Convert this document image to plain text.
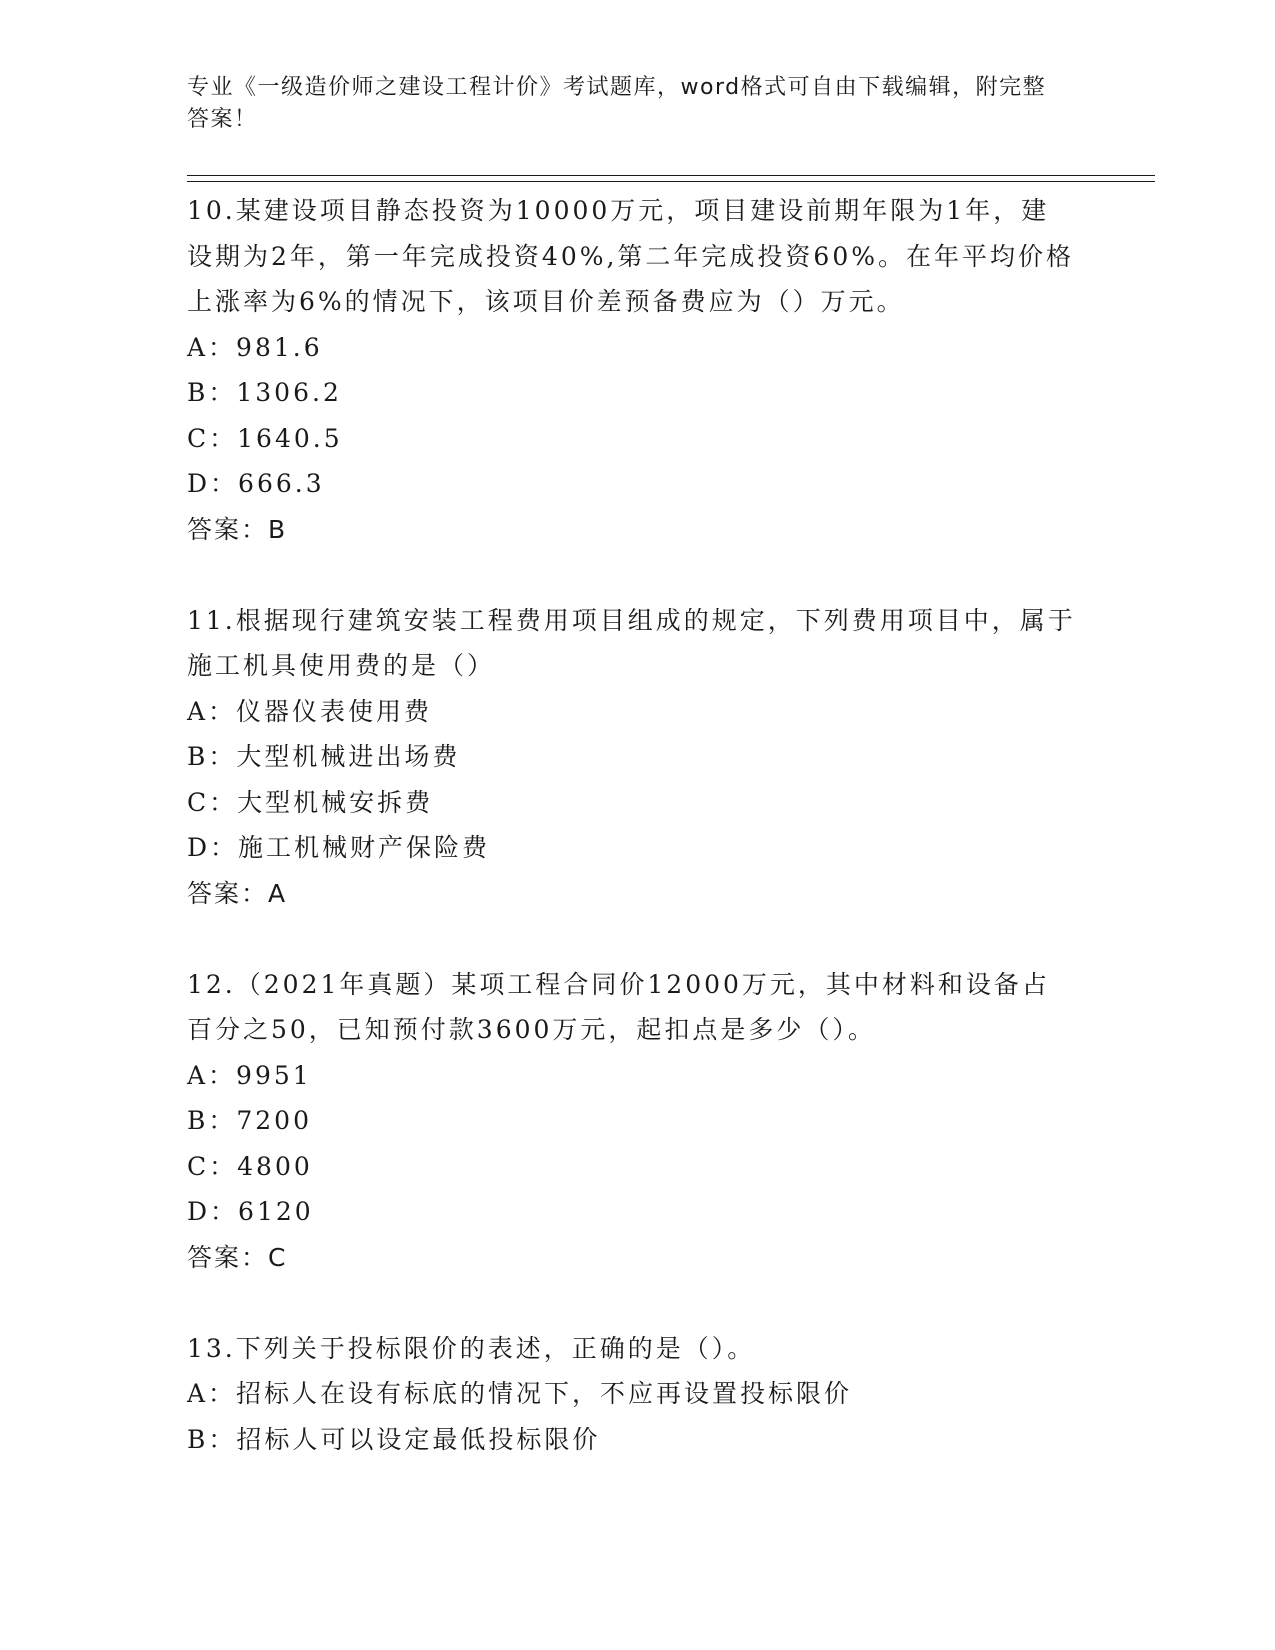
专业《一级造价师之建设工程计价》考试题库，word格式可自由下载编辑，附完整答案！

10.某建设项目静态投资为10000万元，项目建设前期年限为1年，建设期为2年，第一年完成投资40%,第二年完成投资60%。在年平均价格上涨率为6%的情况下，该项目价差预备费应为（）万元。

A：981.6

B：1306.2

C：1640.5

D：666.3

答案：B

11.根据现行建筑安装工程费用项目组成的规定，下列费用项目中，属于施工机具使用费的是（）

A：仪器仪表使用费

B：大型机械进出场费

C：大型机械安拆费

D：施工机械财产保险费

答案：A

12.（2021年真题）某项工程合同价12000万元，其中材料和设备占百分之50，已知预付款3600万元，起扣点是多少（）。

A：9951

B：7200

C：4800

D：6120

答案：C

13.下列关于投标限价的表述，正确的是（）。

A：招标人在设有标底的情况下，不应再设置投标限价

B：招标人可以设定最低投标限价
